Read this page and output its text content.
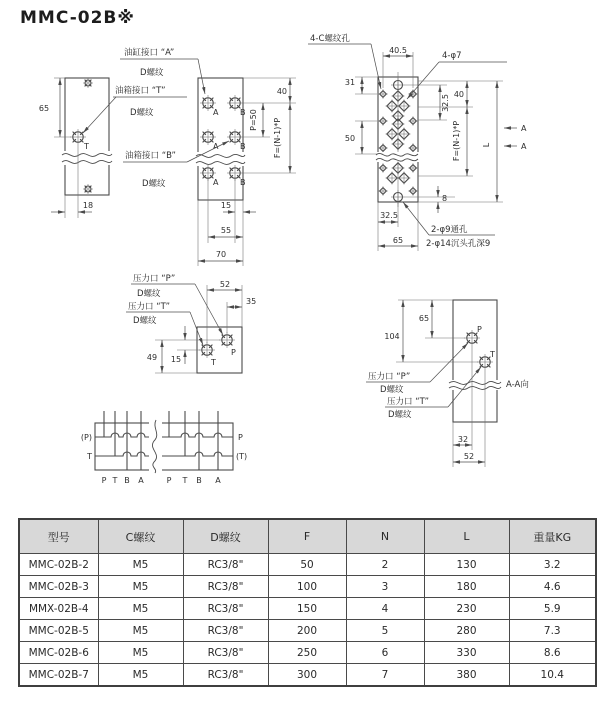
MMC-02B※
T
65
18
A	B
A	B
A	B
40
P=50 F=(N-1)*P
15
55
70
油缸接口 “A”
D螺纹
油箱接口 “T”
D螺纹
油箱接口 “B”
D螺纹
4-C螺纹孔
4-φ7
40.5
31
50
32.5 40
F=(N-1)*P	L
A
A
8
32.5
65
2-φ9通孔
2-φ14沉头孔深9
P
T
52
35
49 15
压力口 “P”
D螺纹
压力口 “T”
D螺纹
P
T
65
104
压力口 “P”
D螺纹
压力口 “T”
D螺纹
A-A向
32
52
(P)
T
P
(T)
P T B A	P T B A
型号	C螺纹	D螺纹	F	N	L	重量KG
MMC-02B-2	M5	RC3/8"	50	2	130	3.2
MMC-02B-3	M5	RC3/8"	100	3	180	4.6
MMX-02B-4	M5	RC3/8"	150	4	230	5.9
MMC-02B-5	M5	RC3/8"	200	5	280	7.3
MMC-02B-6	M5	RC3/8"	250	6	330	8.6
MMC-02B-7	M5	RC3/8"	300	7	380	10.4
